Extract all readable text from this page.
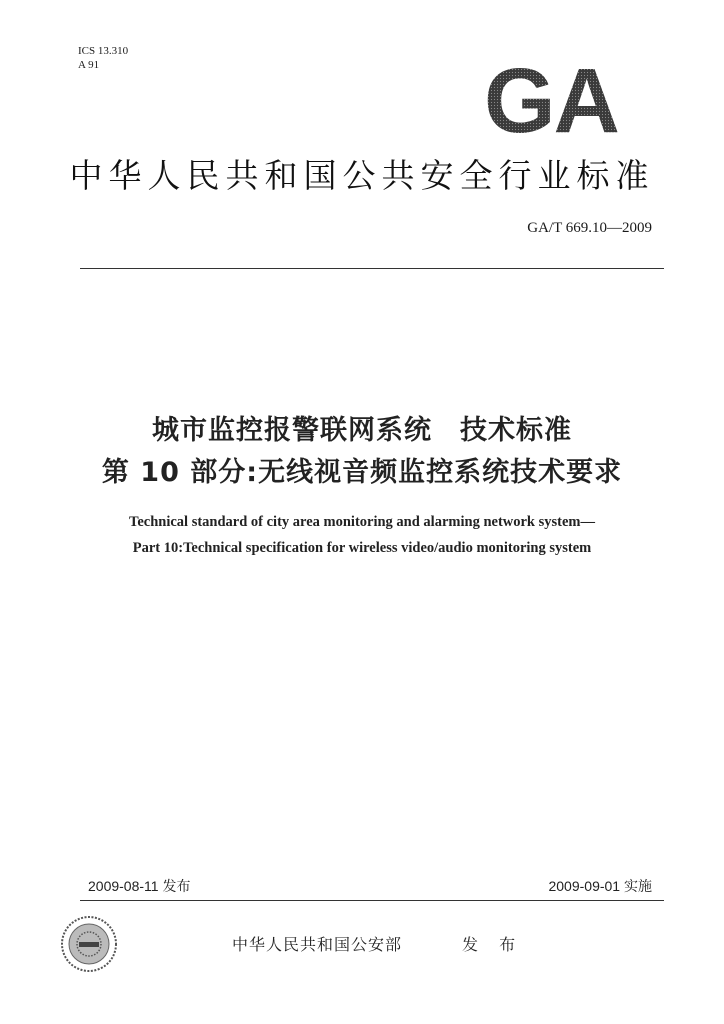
ICS 13.310
A 91	GA
中华人民共和国公共安全行业标准
GA/T 669.10—2009
城市监控报警联网系统　技术标准
第 10 部分:无线视音频监控系统技术要求
Technical standard of city area monitoring and alarming network system—
Part 10:Technical specification for wireless video/audio monitoring system
2009-08-11 发布	2009-09-01 实施
中华人民共和国公安部	发 布
